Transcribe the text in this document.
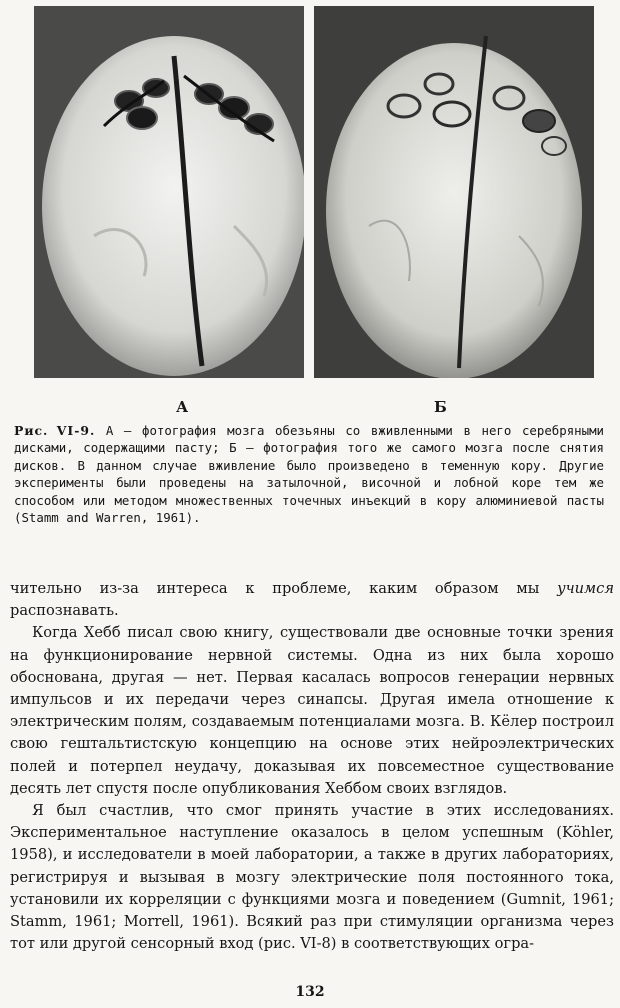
А	Б

Рис. VI-9. А — фотография мозга обезьяны со вживленными в него серебряными дисками, содержащими пасту; Б — фотография того же самого мозга после снятия дисков. В данном случае вживление было произведено в теменную кору. Другие эксперименты были проведены на затылочной, височной и лобной коре тем же способом или методом множественных точечных инъекций в кору алюминиевой пасты (Stamm and Warren, 1961).

чительно из-за интереса к проблеме, каким образом мы учимся распознавать.

Когда Хебб писал свою книгу, существовали две основные точки зрения на функционирование нервной системы. Одна из них была хорошо обоснована, другая — нет. Первая касалась вопросов генерации нервных импульсов и их передачи через синапсы. Другая имела отношение к электрическим полям, создаваемым потенциалами мозга. В. Кёлер построил свою гештальтистскую концепцию на основе этих нейроэлектрических полей и потерпел неудачу, доказывая их повсеместное существование десять лет спустя после опубликования Хеббом своих взглядов.

Я был счастлив, что смог принять участие в этих исследованиях. Экспериментальное наступление оказалось в целом успешным (Köhler, 1958), и исследователи в моей лаборатории, а также в других лабораториях, регистрируя и вызывая в мозгу электрические поля постоянного тока, установили их корреляции с функциями мозга и поведением (Gumnit, 1961; Stamm, 1961; Morrell, 1961). Всякий раз при стимуляции организма через тот или другой сенсорный вход (рис. VI-8) в соответствующих огра-

132
